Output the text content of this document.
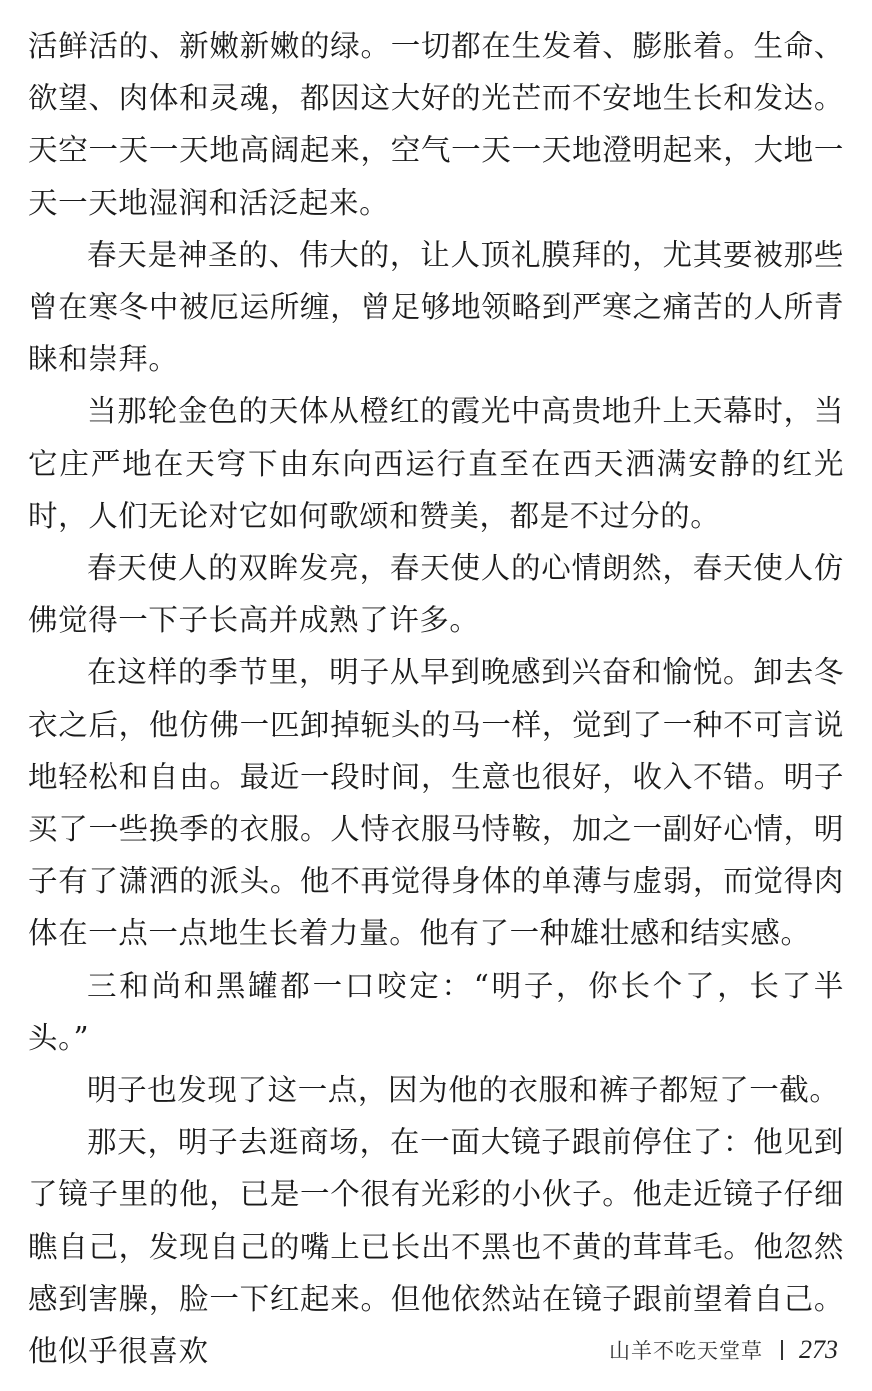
活鲜活的、新嫩新嫩的绿。一切都在生发着、膨胀着。生命、欲望、肉体和灵魂，都因这大好的光芒而不安地生长和发达。天空一天一天地高阔起来，空气一天一天地澄明起来，大地一天一天地湿润和活泛起来。

春天是神圣的、伟大的，让人顶礼膜拜的，尤其要被那些曾在寒冬中被厄运所缠，曾足够地领略到严寒之痛苦的人所青睐和崇拜。

当那轮金色的天体从橙红的霞光中高贵地升上天幕时，当它庄严地在天穹下由东向西运行直至在西天洒满安静的红光时，人们无论对它如何歌颂和赞美，都是不过分的。

春天使人的双眸发亮，春天使人的心情朗然，春天使人仿佛觉得一下子长高并成熟了许多。

在这样的季节里，明子从早到晚感到兴奋和愉悦。卸去冬衣之后，他仿佛一匹卸掉轭头的马一样，觉到了一种不可言说地轻松和自由。最近一段时间，生意也很好，收入不错。明子买了一些换季的衣服。人恃衣服马恃鞍，加之一副好心情，明子有了潇洒的派头。他不再觉得身体的单薄与虚弱，而觉得肉体在一点一点地生长着力量。他有了一种雄壮感和结实感。

三和尚和黑罐都一口咬定：“明子，你长个了，长了半头。”

明子也发现了这一点，因为他的衣服和裤子都短了一截。

那天，明子去逛商场，在一面大镜子跟前停住了：他见到了镜子里的他，已是一个很有光彩的小伙子。他走近镜子仔细瞧自己，发现自己的嘴上已长出不黑也不黄的茸茸毛。他忽然感到害臊，脸一下红起来。但他依然站在镜子跟前望着自己。他似乎很喜欢	山羊不吃天堂草 273
